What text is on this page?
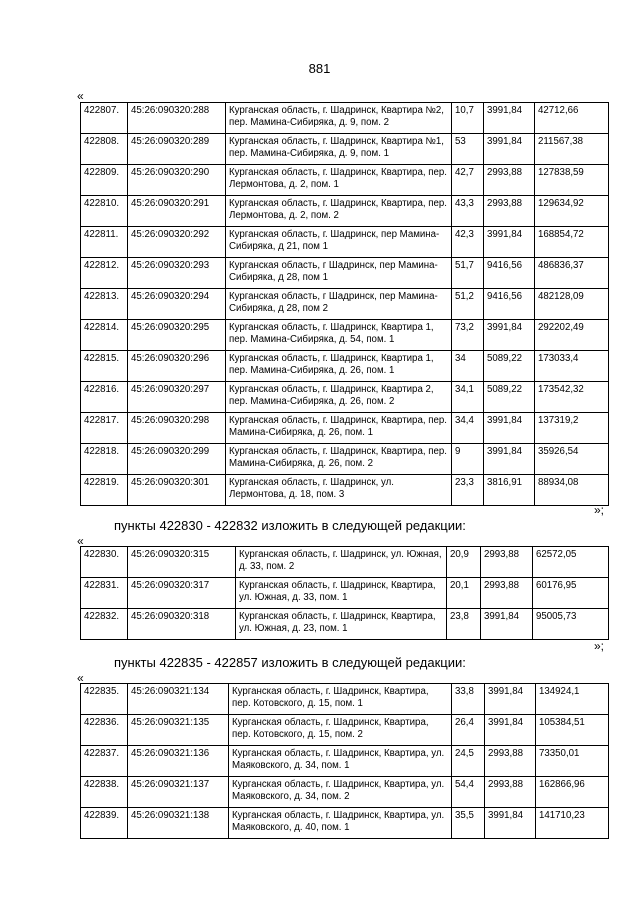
881
«
422807.	45:26:090320:288	Курганская область, г. Шадринск, Квартира №2, пер. Мамина-Сибиряка, д. 9, пом. 2	10,7	3991,84	42712,66
422808.	45:26:090320:289	Курганская область, г. Шадринск, Квартира №1, пер. Мамина-Сибиряка, д. 9, пом. 1	53	3991,84	211567,38
422809.	45:26:090320:290	Курганская область, г. Шадринск, Квартира, пер. Лермонтова, д. 2, пом. 1	42,7	2993,88	127838,59
422810.	45:26:090320:291	Курганская область, г. Шадринск, Квартира, пер. Лермонтова, д. 2, пом. 2	43,3	2993,88	129634,92
422811.	45:26:090320:292	Курганская область, г. Шадринск, пер Мамина-Сибиряка, д 21, пом 1	42,3	3991,84	168854,72
422812.	45:26:090320:293	Курганская область, г Шадринск, пер Мамина-Сибиряка, д 28, пом 1	51,7	9416,56	486836,37
422813.	45:26:090320:294	Курганская область, г Шадринск, пер Мамина-Сибиряка, д 28, пом 2	51,2	9416,56	482128,09
422814.	45:26:090320:295	Курганская область, г. Шадринск, Квартира 1, пер. Мамина-Сибиряка, д. 54, пом. 1	73,2	3991,84	292202,49
422815.	45:26:090320:296	Курганская область, г. Шадринск, Квартира 1, пер. Мамина-Сибиряка, д. 26, пом. 1	34	5089,22	173033,4
422816.	45:26:090320:297	Курганская область, г. Шадринск, Квартира 2, пер. Мамина-Сибиряка, д. 26, пом. 2	34,1	5089,22	173542,32
422817.	45:26:090320:298	Курганская область, г. Шадринск, Квартира, пер. Мамина-Сибиряка, д. 26, пом. 1	34,4	3991,84	137319,2
422818.	45:26:090320:299	Курганская область, г. Шадринск, Квартира, пер. Мамина-Сибиряка, д. 26, пом. 2	9	3991,84	35926,54
422819.	45:26:090320:301	Курганская область, г. Шадринск, ул. Лермонтова, д. 18, пом. 3	23,3	3816,91	88934,08
»;
пункты 422830 - 422832 изложить в следующей редакции:
«
422830.	45:26:090320:315	Курганская область, г. Шадринск, ул. Южная, д. 33, пом. 2	20,9	2993,88	62572,05
422831.	45:26:090320:317	Курганская область, г. Шадринск, Квартира, ул. Южная, д. 33, пом. 1	20,1	2993,88	60176,95
422832.	45:26:090320:318	Курганская область, г. Шадринск, Квартира, ул. Южная, д. 23, пом. 1	23,8	3991,84	95005,73
»;
пункты 422835 - 422857 изложить в следующей редакции:
«
422835.	45:26:090321:134	Курганская область, г. Шадринск, Квартира, пер. Котовского, д. 15, пом. 1	33,8	3991,84	134924,1
422836.	45:26:090321:135	Курганская область, г. Шадринск, Квартира, пер. Котовского, д. 15, пом. 2	26,4	3991,84	105384,51
422837.	45:26:090321:136	Курганская область, г. Шадринск, Квартира, ул. Маяковского, д. 34, пом. 1	24,5	2993,88	73350,01
422838.	45:26:090321:137	Курганская область, г. Шадринск, Квартира, ул. Маяковского, д. 34, пом. 2	54,4	2993,88	162866,96
422839.	45:26:090321:138	Курганская область, г. Шадринск, Квартира, ул. Маяковского, д. 40, пом. 1	35,5	3991,84	141710,23
